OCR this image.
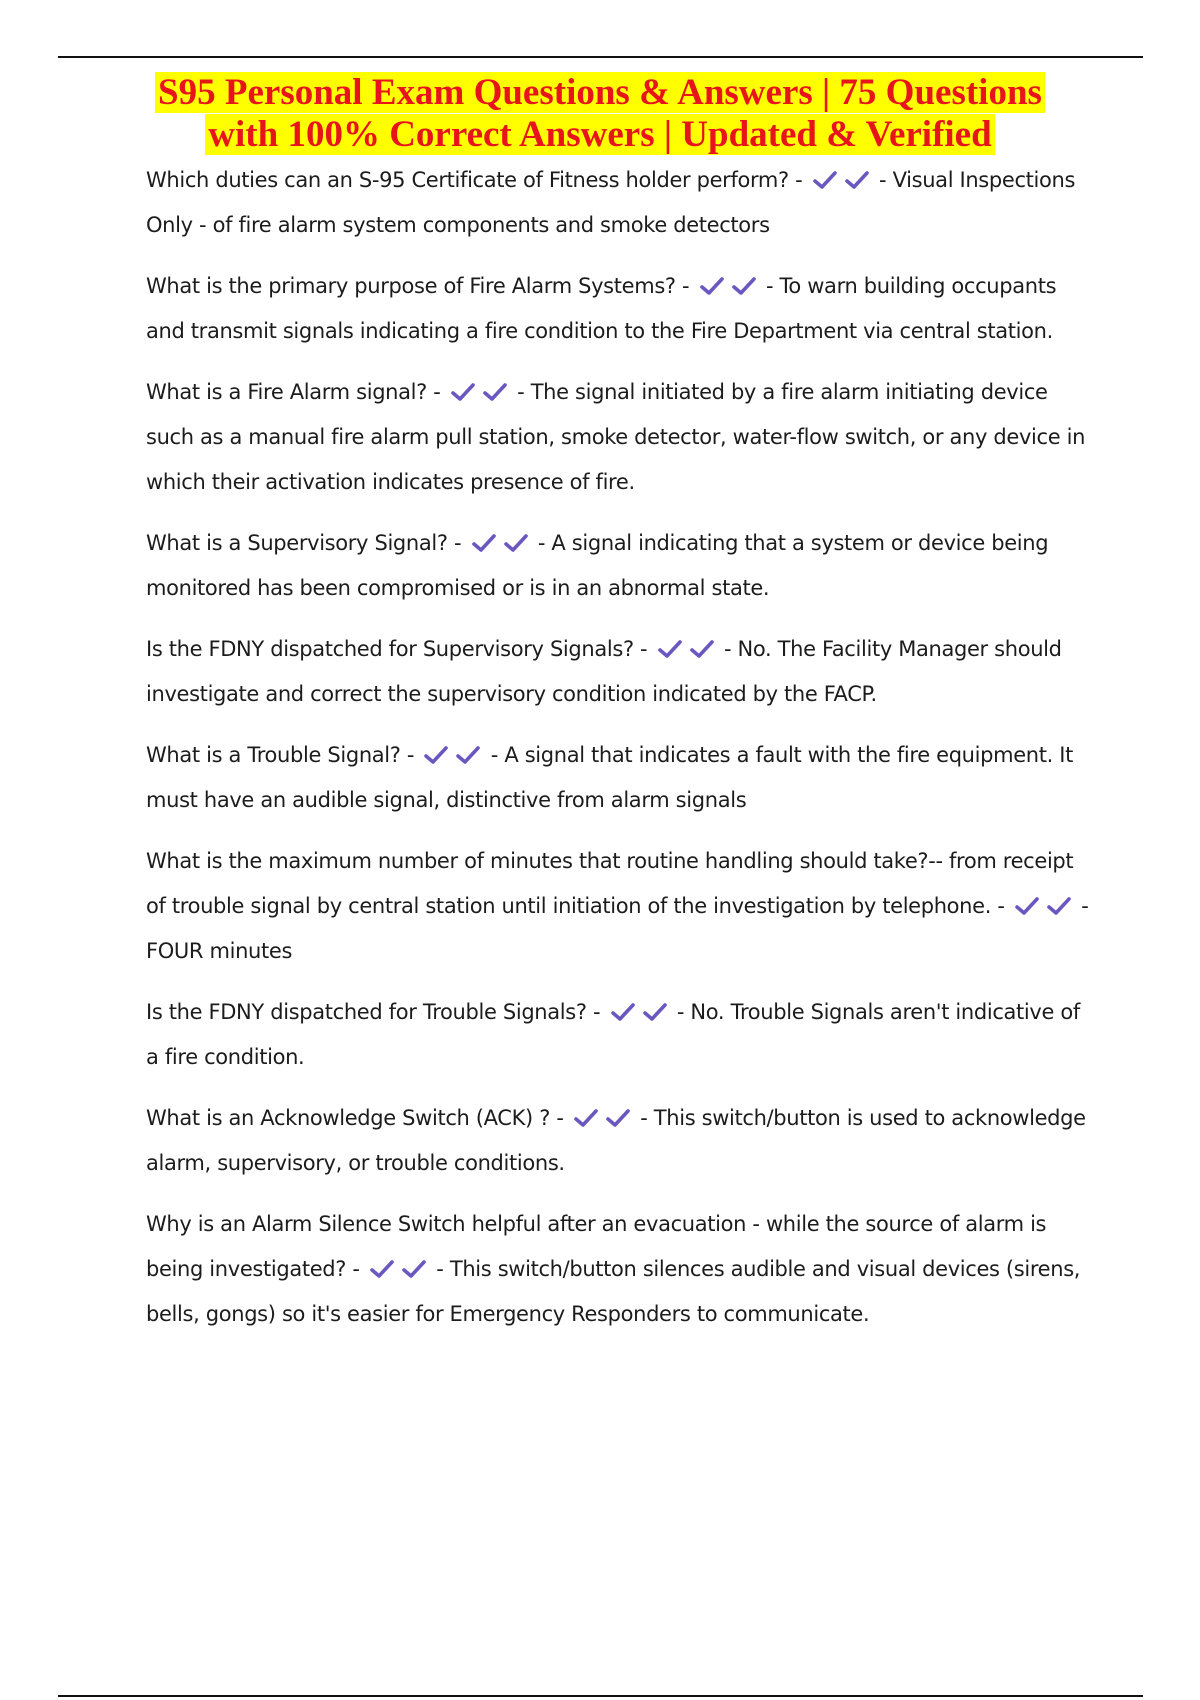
S95 Personal Exam Questions & Answers | 75 Questions
with 100% Correct Answers | Updated & Verified

Which duties can an S-95 Certificate of Fitness holder perform? -	- Visual Inspections Only - of fire alarm system components and smoke detectors

What is the primary purpose of Fire Alarm Systems? -	- To warn building occupants and transmit signals indicating a fire condition to the Fire Department via central station.

What is a Fire Alarm signal? -	- The signal initiated by a fire alarm initiating device such as a manual fire alarm pull station, smoke detector, water-flow switch, or any device in which their activation indicates presence of fire.

What is a Supervisory Signal? -	- A signal indicating that a system or device being monitored has been compromised or is in an abnormal state.

Is the FDNY dispatched for Supervisory Signals? -	- No. The Facility Manager should investigate and correct the supervisory condition indicated by the FACP.

What is a Trouble Signal? -	- A signal that indicates a fault with the fire equipment. It must have an audible signal, distinctive from alarm signals

What is the maximum number of minutes that routine handling should take?-- from receipt of trouble signal by central station until initiation of the investigation by telephone. -	- FOUR minutes

Is the FDNY dispatched for Trouble Signals? -	- No. Trouble Signals aren't indicative of a fire condition.

What is an Acknowledge Switch (ACK) ? -	- This switch/button is used to acknowledge alarm, supervisory, or trouble conditions.

Why is an Alarm Silence Switch helpful after an evacuation - while the source of alarm is being investigated? -	- This switch/button silences audible and visual devices (sirens, bells, gongs) so it's easier for Emergency Responders to communicate.
